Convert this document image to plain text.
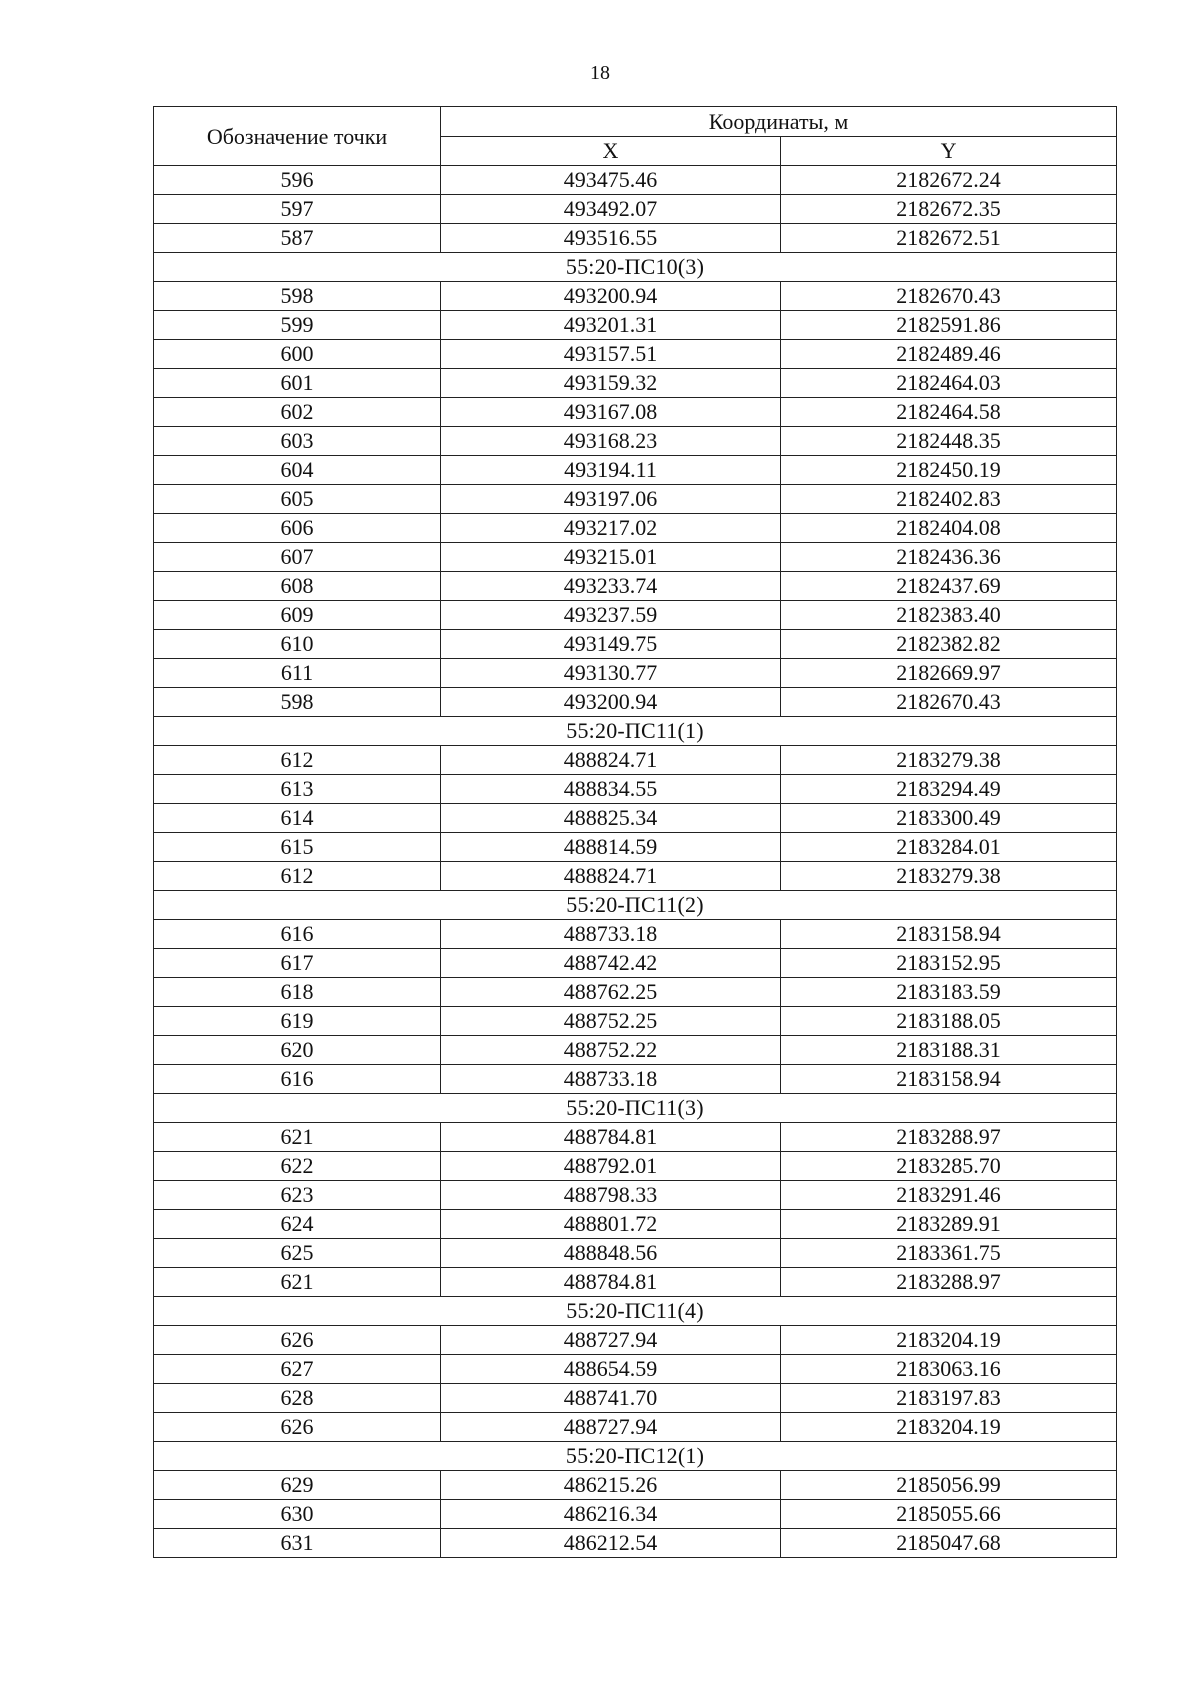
18
Обозначение точки	Координаты, м	
	X	Y
596	493475.46	2182672.24
597	493492.07	2182672.35
587	493516.55	2182672.51
55:20-ПС10(3)		
598	493200.94	2182670.43
599	493201.31	2182591.86
600	493157.51	2182489.46
601	493159.32	2182464.03
602	493167.08	2182464.58
603	493168.23	2182448.35
604	493194.11	2182450.19
605	493197.06	2182402.83
606	493217.02	2182404.08
607	493215.01	2182436.36
608	493233.74	2182437.69
609	493237.59	2182383.40
610	493149.75	2182382.82
611	493130.77	2182669.97
598	493200.94	2182670.43
55:20-ПС11(1)		
612	488824.71	2183279.38
613	488834.55	2183294.49
614	488825.34	2183300.49
615	488814.59	2183284.01
612	488824.71	2183279.38
55:20-ПС11(2)		
616	488733.18	2183158.94
617	488742.42	2183152.95
618	488762.25	2183183.59
619	488752.25	2183188.05
620	488752.22	2183188.31
616	488733.18	2183158.94
55:20-ПС11(3)		
621	488784.81	2183288.97
622	488792.01	2183285.70
623	488798.33	2183291.46
624	488801.72	2183289.91
625	488848.56	2183361.75
621	488784.81	2183288.97
55:20-ПС11(4)		
626	488727.94	2183204.19
627	488654.59	2183063.16
628	488741.70	2183197.83
626	488727.94	2183204.19
55:20-ПС12(1)		
629	486215.26	2185056.99
630	486216.34	2185055.66
631	486212.54	2185047.68
